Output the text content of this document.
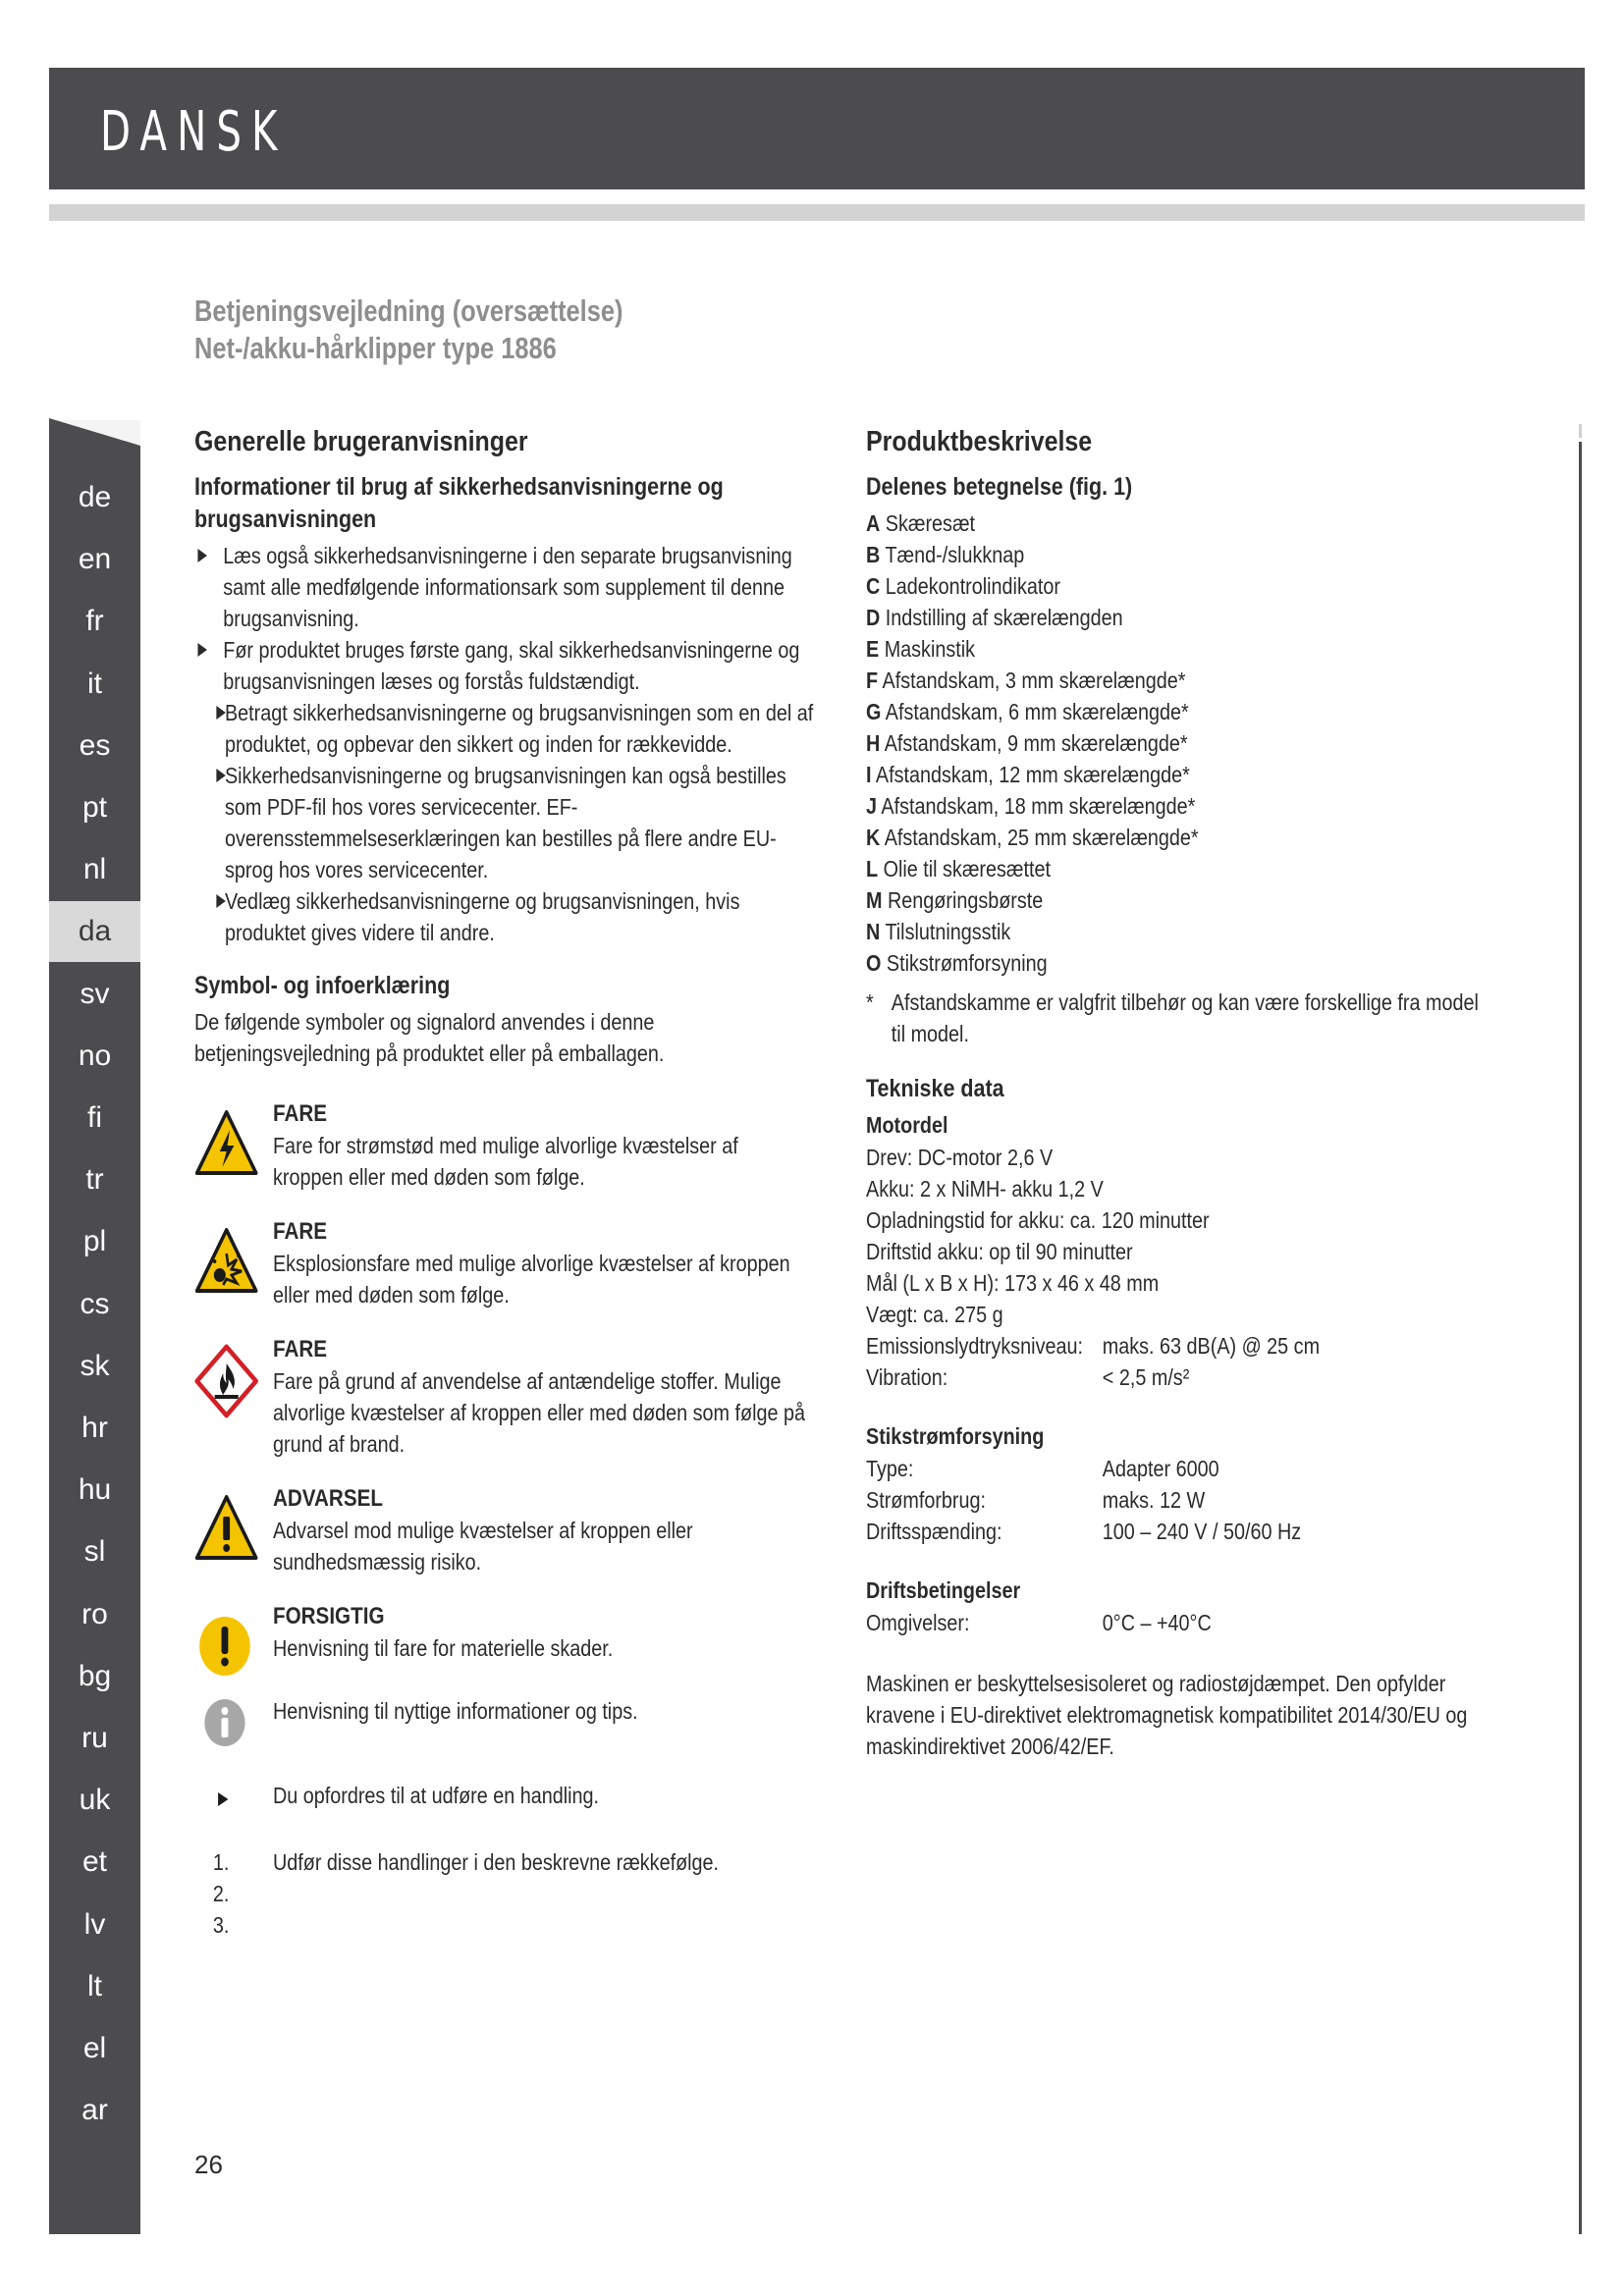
DANSK
Betjeningsvejledning (oversættelse)
Net-/akku-hårklipper type 1886
de
en
fr
it
es
pt
nl
da
sv
no
fi
tr
pl
cs
sk
hr
hu
sl
ro
bg
ru
uk
et
lv
lt
el
ar
Generelle brugeranvisninger
Informationer til brug af sikkerhedsanvisningerne og brugsanvisningen
Læs også sikkerhedsanvisningerne i den separate brugsanvisning samt alle medfølgende informationsark som supplement til denne brugsanvisning.
Før produktet bruges første gang, skal sikkerhedsanvisningerne og brugsanvisningen læses og forstås fuldstændigt.
Betragt sikkerhedsanvisningerne og brugsanvisningen som en del af produktet, og opbevar den sikkert og inden for rækkevidde.
Sikkerhedsanvisningerne og brugsanvisningen kan også bestilles som PDF-fil hos vores servicecenter. EF-overensstemmelseserklæringen kan bestilles på flere andre EU-sprog hos vores servicecenter.
Vedlæg sikkerhedsanvisningerne og brugsanvisningen, hvis produktet gives videre til andre.
Symbol- og infoerklæring

De følgende symboler og signalord anvendes i denne betjeningsvejledning på produktet eller på emballagen.

FARE
Fare for strømstød med mulige alvorlige kvæstelser af kroppen eller med døden som følge.
FARE
Eksplosionsfare med mulige alvorlige kvæstelser af kroppen eller med døden som følge.
FARE
Fare på grund af anvendelse af antændelige stoffer. Mulige alvorlige kvæstelser af kroppen eller med døden som følge på grund af brand.
ADVARSEL
Advarsel mod mulige kvæstelser af kroppen eller sundhedsmæssig risiko.
FORSIGTIG
Henvisning til fare for materielle skader.
Henvisning til nyttige informationer og tips.
Du opfordres til at udføre en handling.
1.
2.
3.
Udfør disse handlinger i den beskrevne rækkefølge.
26
Produktbeskrivelse
Delenes betegnelse (fig. 1)
A Skæresæt
B Tænd-/slukknap
C Ladekontrolindikator
D Indstilling af skærelængden
E Maskinstik
F Afstandskam, 3 mm skærelængde*
G Afstandskam, 6 mm skærelængde*
H Afstandskam, 9 mm skærelængde*
I Afstandskam, 12 mm skærelængde*
J Afstandskam, 18 mm skærelængde*
K Afstandskam, 25 mm skærelængde*
L Olie til skæresættet
M Rengøringsbørste
N Tilslutningsstik
O Stikstrømforsyning
* Afstandskamme er valgfrit tilbehør og kan være forskellige fra model til model.
Tekniske data
Motordel
Drev: DC-motor 2,6 V
Akku: 2 x NiMH- akku 1,2 V
Opladningstid for akku: ca. 120 minutter
Driftstid akku: op til 90 minutter
Mål (L x B x H): 173 x 46 x 48 mm
Vægt: ca. 275 g
Emissionslydtryksniveau: maks. 63 dB(A) @ 25 cm
Vibration:	< 2,5 m/s²
Stikstrømforsyning
Type:	Adapter 6000
Strømforbrug:	maks. 12 W
Driftsspænding:	100 – 240 V / 50/60 Hz
Driftsbetingelser
Omgivelser:	0°C – +40°C

Maskinen er beskyttelsesisoleret og radiostøjdæmpet. Den opfylder kravene i EU-direktivet elektromagnetisk kompatibilitet 2014/30/EU og maskindirektivet 2006/42/EF.
